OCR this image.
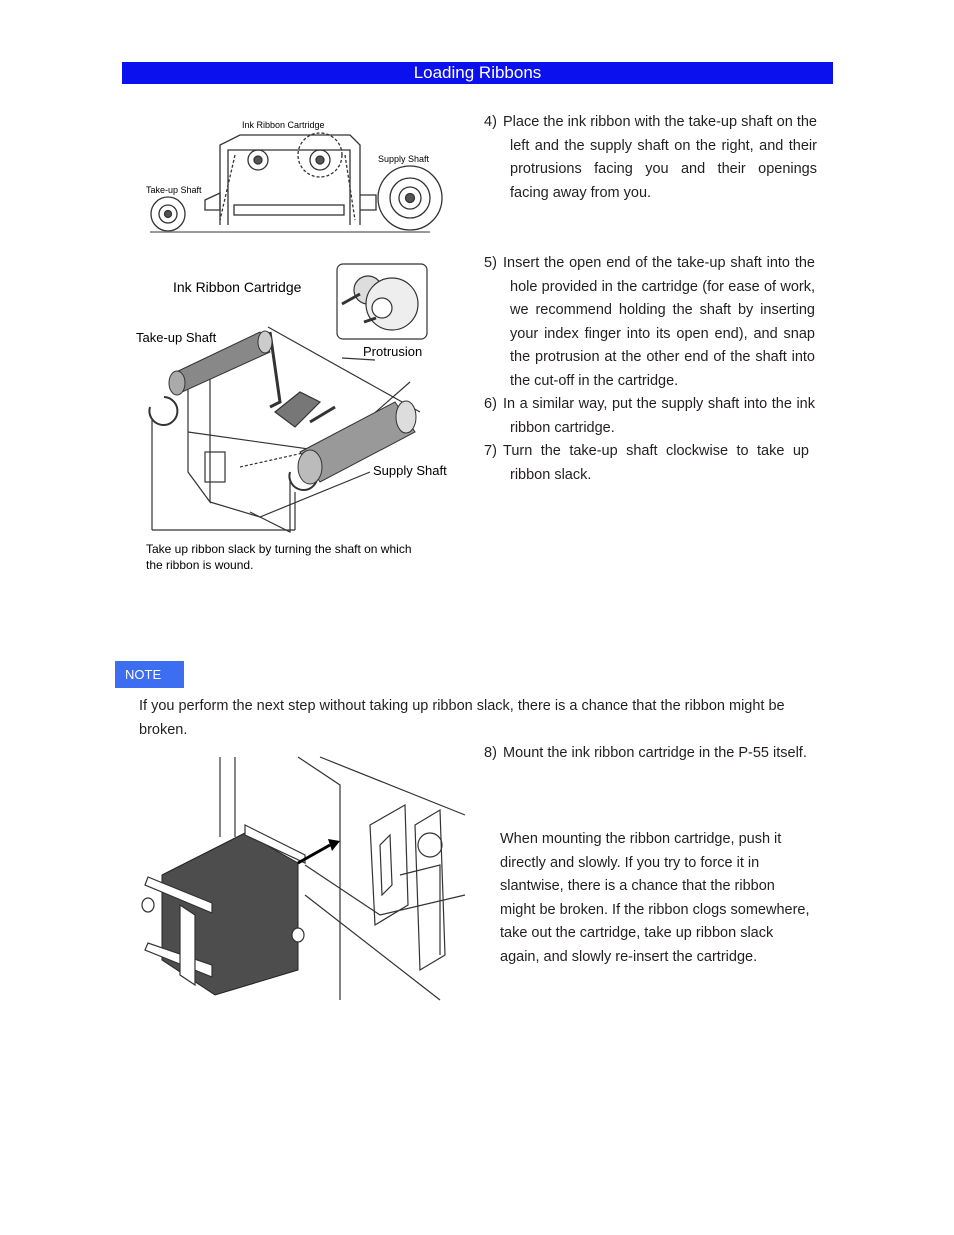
Loading Ribbons
Ink Ribbon Cartridge
Supply Shaft
Take-up Shaft
4) Place the ink ribbon with the take-up shaft on the left and the supply shaft on the right, and their protrusions facing you and their openings facing away from you.
Ink Ribbon Cartridge
Take-up Shaft
Protrusion
Supply Shaft
Take up ribbon slack by turning the shaft on which
the ribbon is wound.
5) Insert the open end of the take-up shaft into the hole provided in the cartridge (for ease of work, we recommend holding the shaft by inserting your index finger into its open end), and snap the protrusion at the other end of the shaft into the cut-off in the cartridge.
6) In a similar way, put the supply shaft into the ink ribbon cartridge.
7) Turn the take-up shaft clockwise to take up ribbon slack.
NOTE
If you perform the next step without taking up ribbon slack, there is a chance that the ribbon might be broken.
8) Mount the ink ribbon cartridge in the P-55 itself.
When mounting the ribbon cartridge, push it directly and slowly. If you try to force it in slantwise, there is a chance that the ribbon might be broken. If the ribbon clogs somewhere, take out the cartridge, take up ribbon slack again, and slowly re-insert the cartridge.
